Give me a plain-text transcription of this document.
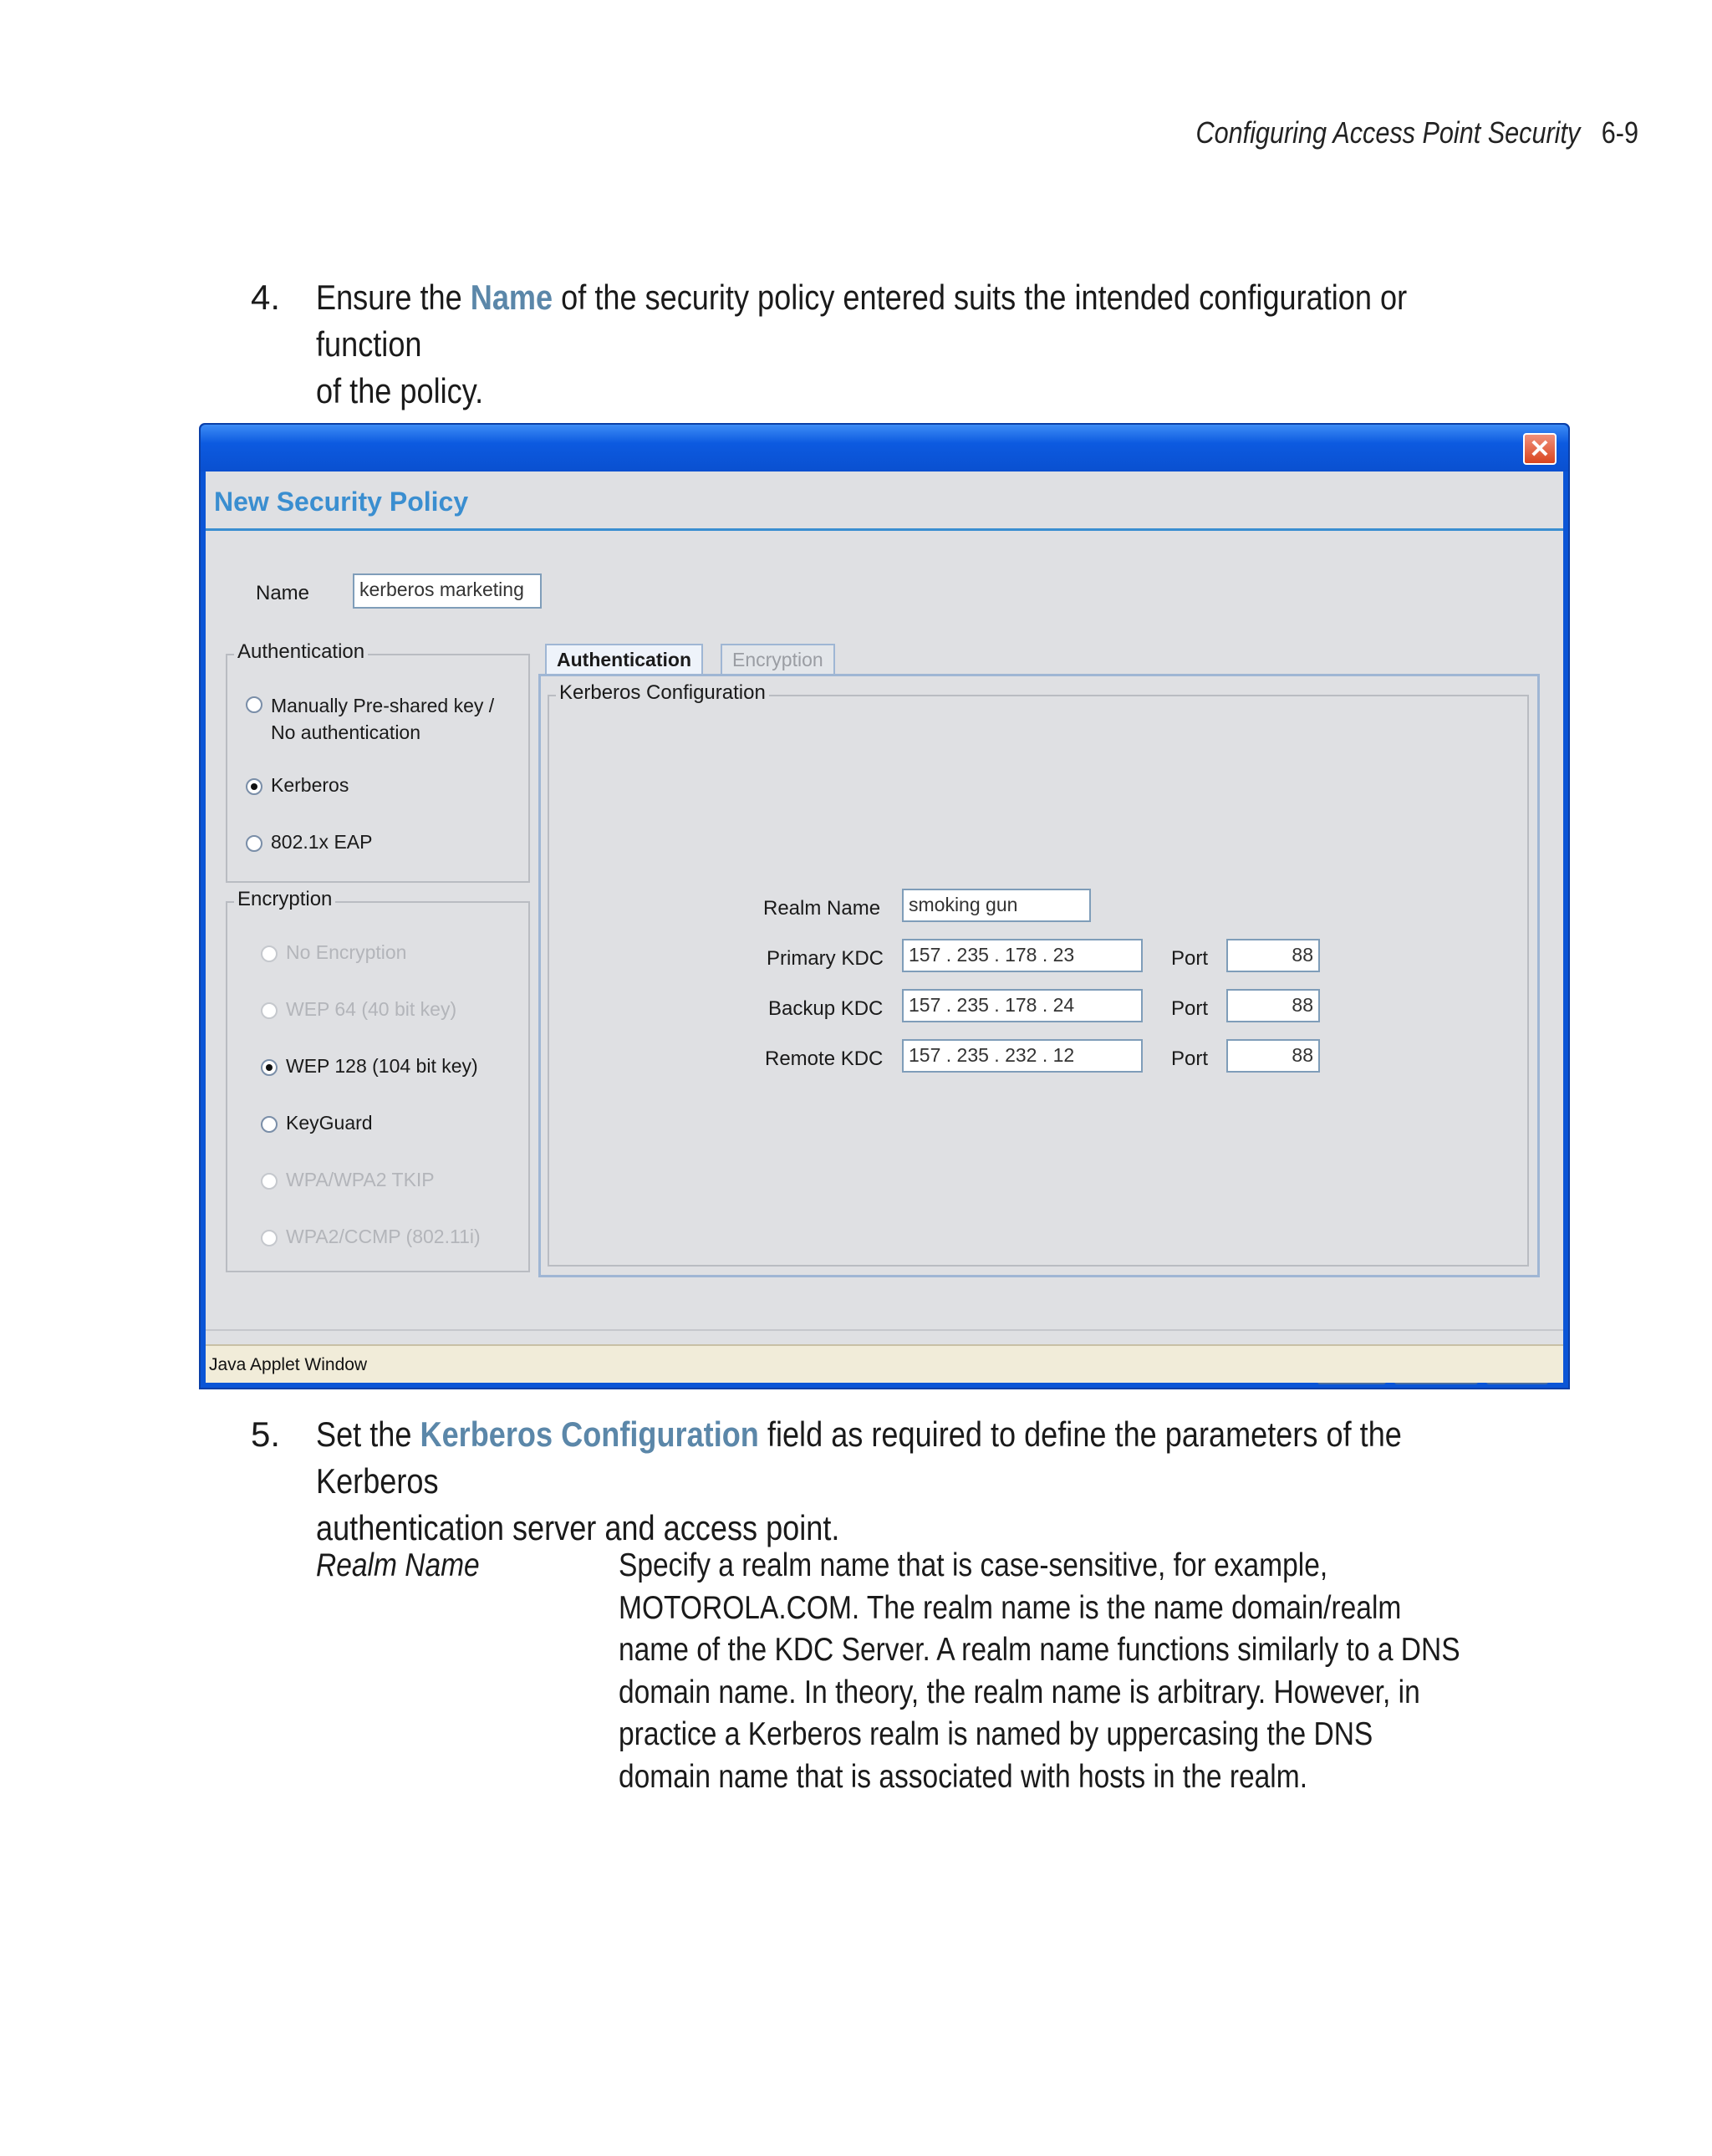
Configuring Access Point Security 6-9
4. Ensure the Name of the security policy entered suits the intended configuration or function
of the policy.
✕
New Security Policy
Name	kerberos marketing
Authentication
Manually Pre-shared key /
No authentication
Kerberos
802.1x EAP
Encryption
No Encryption
WEP 64 (40 bit key)
WEP 128 (104 bit key)
KeyGuard
WPA/WPA2 TKIP
WPA2/CCMP (802.11i)
Authentication	Encryption
Kerberos Configuration
Realm Name	smoking gun
Primary KDC	157 . 235 . 178 . 23	Port	88
Backup KDC	157 . 235 . 178 . 24	Port	88
Remote KDC	157 . 235 . 232 . 12	Port	88
Java Applet Window
5. Set the Kerberos Configuration field as required to define the parameters of the Kerberos
authentication server and access point.
Realm Name	Specify a realm name that is case-sensitive, for example,
MOTOROLA.COM. The realm name is the name domain/realm
name of the KDC Server. A realm name functions similarly to a DNS
domain name. In theory, the realm name is arbitrary. However, in
practice a Kerberos realm is named by uppercasing the DNS
domain name that is associated with hosts in the realm.
